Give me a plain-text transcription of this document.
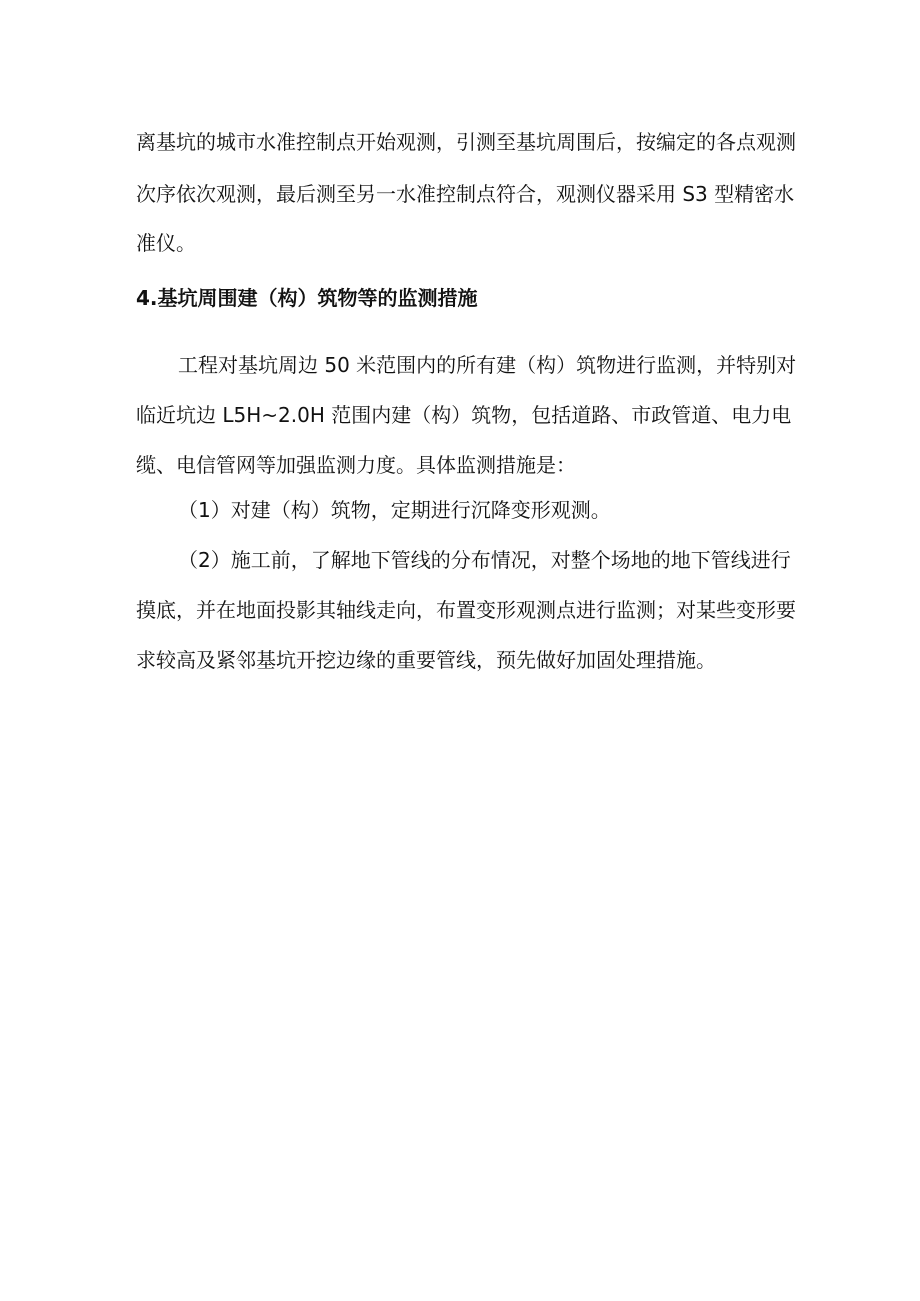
离基坑的城市水准控制点开始观测，引测至基坑周围后，按编定的各点观测
次序依次观测，最后测至另一水准控制点符合，观测仪器采用 S3 型精密水
准仪。
4.基坑周围建（构）筑物等的监测措施
工程对基坑周边 50 米范围内的所有建（构）筑物进行监测，并特别对
临近坑边 L5H~2.0H 范围内建（构）筑物，包括道路、市政管道、电力电
缆、电信管网等加强监测力度。具体监测措施是：
（1）对建（构）筑物，定期进行沉降变形观测。
（2）施工前，了解地下管线的分布情况，对整个场地的地下管线进行
摸底，并在地面投影其轴线走向，布置变形观测点进行监测；对某些变形要
求较高及紧邻基坑开挖边缘的重要管线，预先做好加固处理措施。
